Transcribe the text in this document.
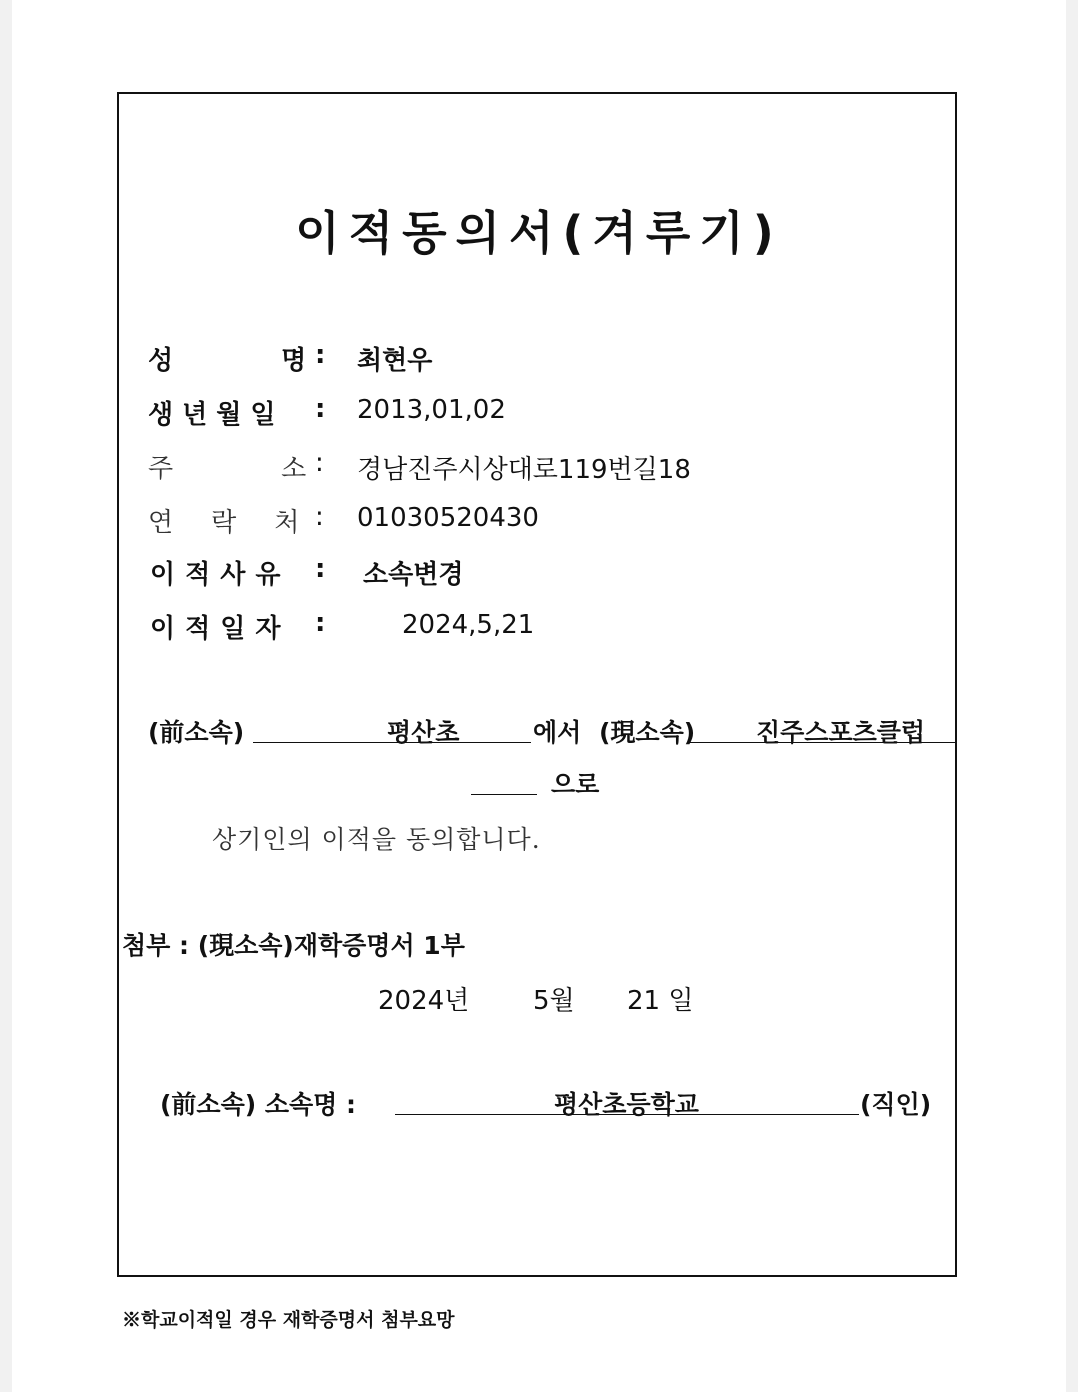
이적동의서(겨루기)
성	명 : 최현우
생년월일 : 2013,01,02
주	소 : 경남진주시상대로119번길18
연 락 처 : 01030520430
이적사유 : 소속변경
이적일자 :	2024,5,21
(前소속)	평산초	에서 (現소속) 진주스포츠클럽
으로
상기인의 이적을 동의합니다.
첨부 : (現소속)재학증명서 1부
2024년 5월 21 일
(前소속) 소속명 :	평산초등학교	(직인)
※학교이적일 경우 재학증명서 첨부요망
